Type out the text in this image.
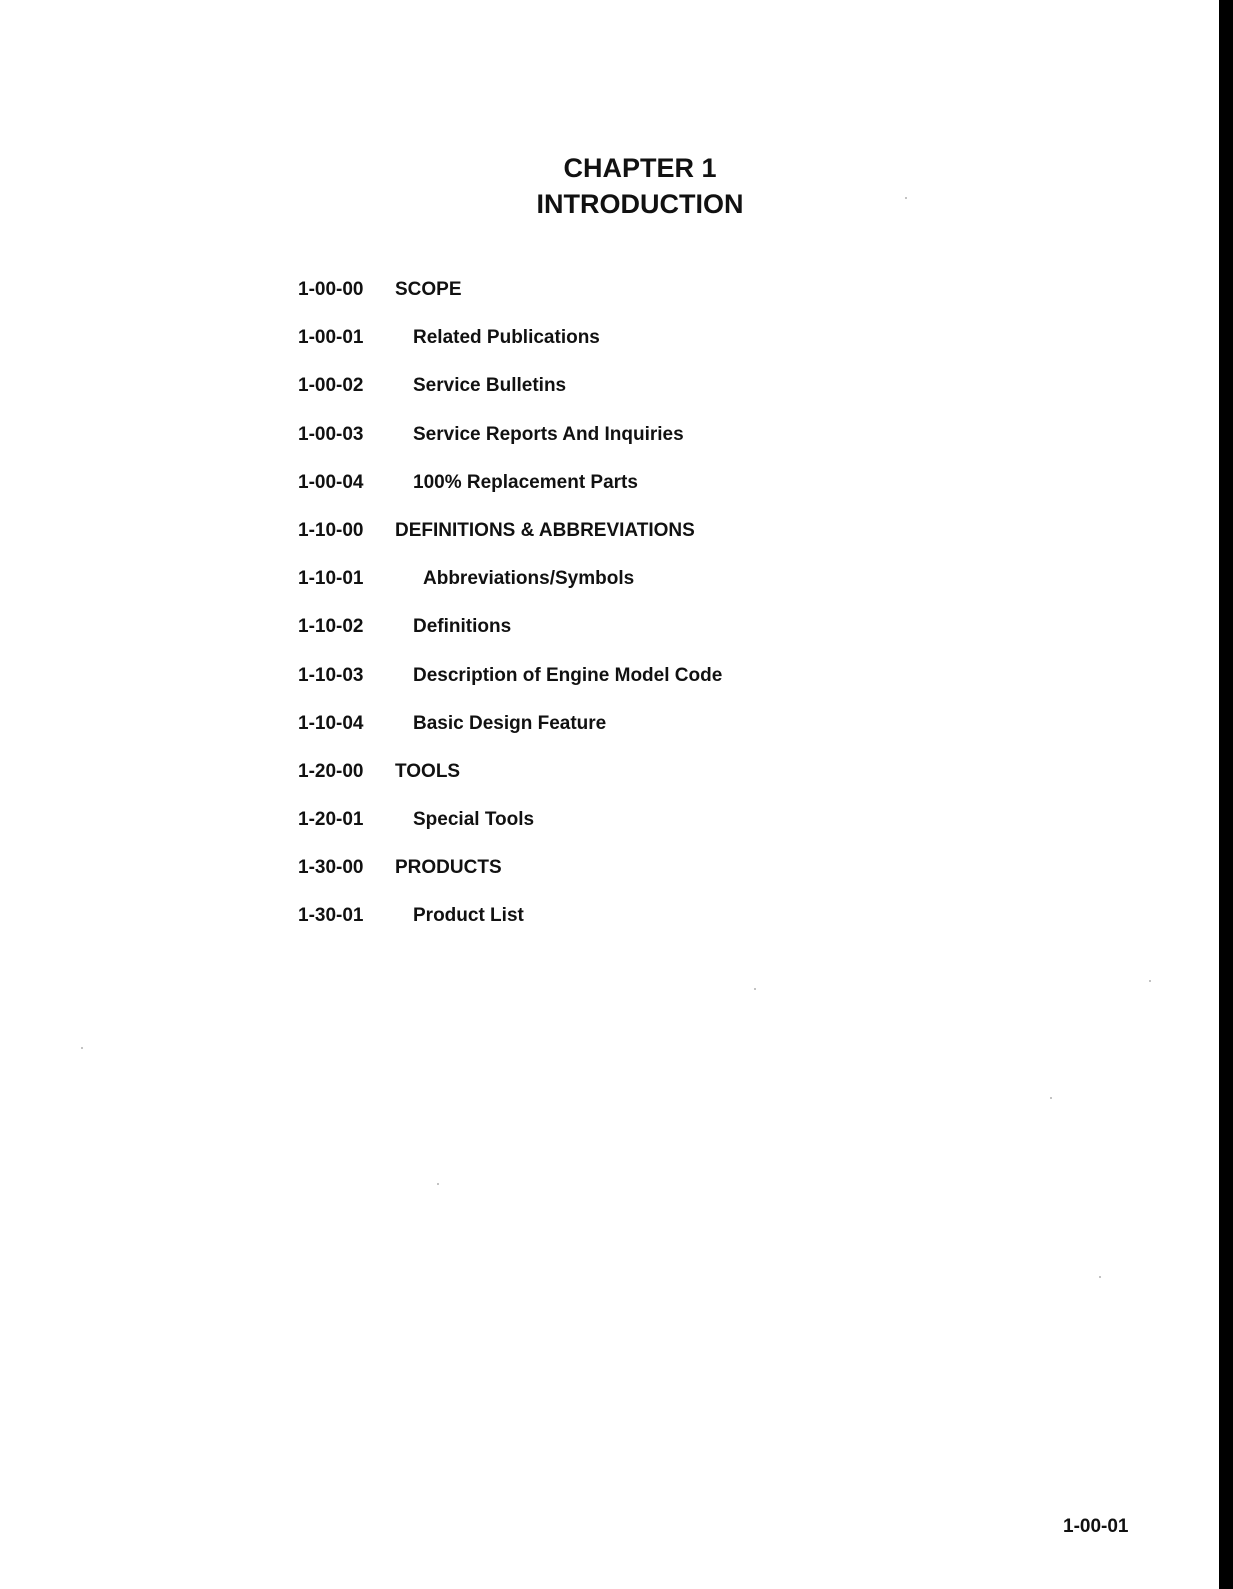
CHAPTER 1
INTRODUCTION
1-00-00 SCOPE
1-00-01	Related Publications
1-00-02	Service Bulletins
1-00-03	Service Reports And Inquiries
1-00-04	100% Replacement Parts
1-10-00 DEFINITIONS & ABBREVIATIONS
1-10-01	Abbreviations/Symbols
1-10-02	Definitions
1-10-03	Description of Engine Model Code
1-10-04	Basic Design Feature
1-20-00 TOOLS
1-20-01	Special Tools
1-30-00 PRODUCTS
1-30-01	Product List
1-00-01
